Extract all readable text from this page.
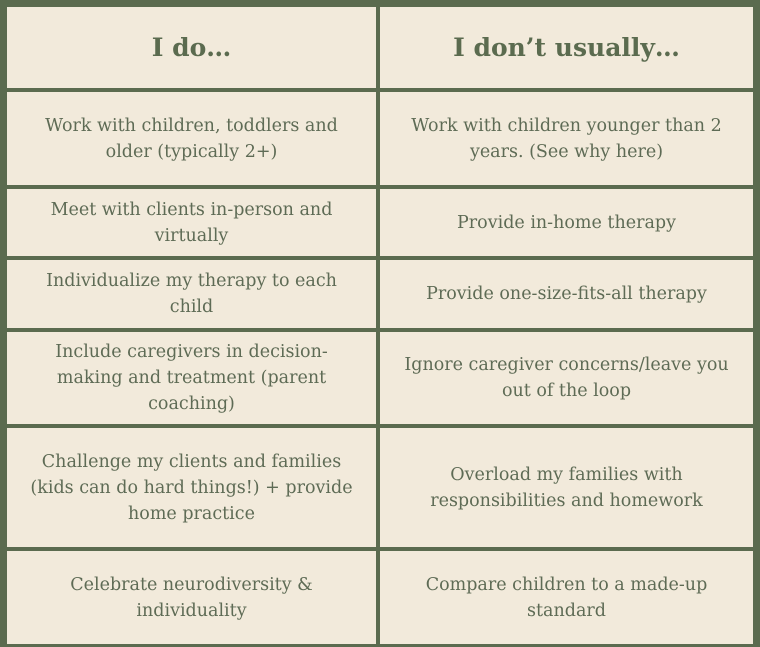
I do…	I don’t usually…
Work with children, toddlers and older (typically 2+)
Work with children younger than 2 years. (See why here)
Meet with clients in-person and virtually
Provide in-home therapy
Individualize my therapy to each child
Provide one-size-fits-all therapy
Include caregivers in decision-making and treatment (parent coaching)
Ignore caregiver concerns/leave you out of the loop
Challenge my clients and families (kids can do hard things!) + provide home practice
Overload my families with responsibilities and homework
Celebrate neurodiversity & individuality
Compare children to a made-up standard
